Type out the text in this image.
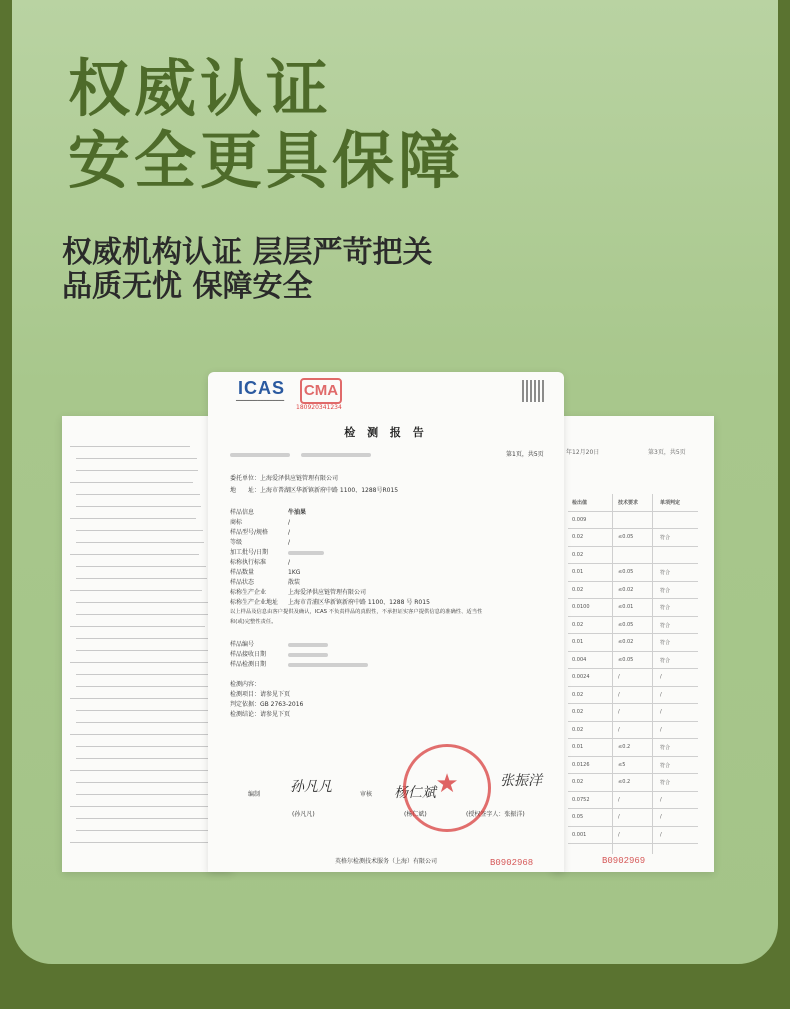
权威认证
安全更具保障

权威机构认证 层层严苛把关

品质无忧 保障安全

年12月20日	第3页，共5页
检出值	技术要求	单项判定
0.009
0.02	≤0.05	符合
0.02
0.01	≤0.05	符合
0.02	≤0.02	符合
0.0100	≤0.01	符合
0.02	≤0.05	符合
0.01	≤0.02	符合
0.004	≤0.05	符合
0.0024	/	/
0.02	/	/
0.02	/	/
0.02	/	/
0.01	≤0.2	符合
0.0126	≤5	符合
0.02	≤0.2	符合
0.0752	/	/
0.05	/	/
0.001	/	/
B0902969
ICAS
━━━━━━━━━━━━━━━━
CMA
180920341234
检 测 报 告

第1页，共5页
委托单位：上海爱泽供应链管理有限公司
地　　址：上海市普湖区华新镇新府中路 1100、1288号R015
样品信息	牛油果
商标	/
样品型号/规格	/
等级	/
加工批号/日期
标称执行标准	/
样品数量	1KG
样品状态	散装
标称生产企业	上海爱泽供应链管理有限公司
标称生产企业地址 上海市青浦区华新镇新府中路 1100、1288 号 R015
以上样品及信息由客户提供及确认，ICAS 不负责样品的真假性，不承担证实客户提供信息的准确性、适当性
和(或)完整性责任。
样品编号
样品接收日期
样品检测日期
检测内容：
检测项目：请参见下页
判定依据：GB 2763-2016
检测结论：请参见下页
编制 孙凡凡
(孙凡凡)
审核 杨仁斌
(杨仁斌)
张振洋
(授权签字人：张振洋)
★
B0902968
英格尔检测技术服务（上海）有限公司
